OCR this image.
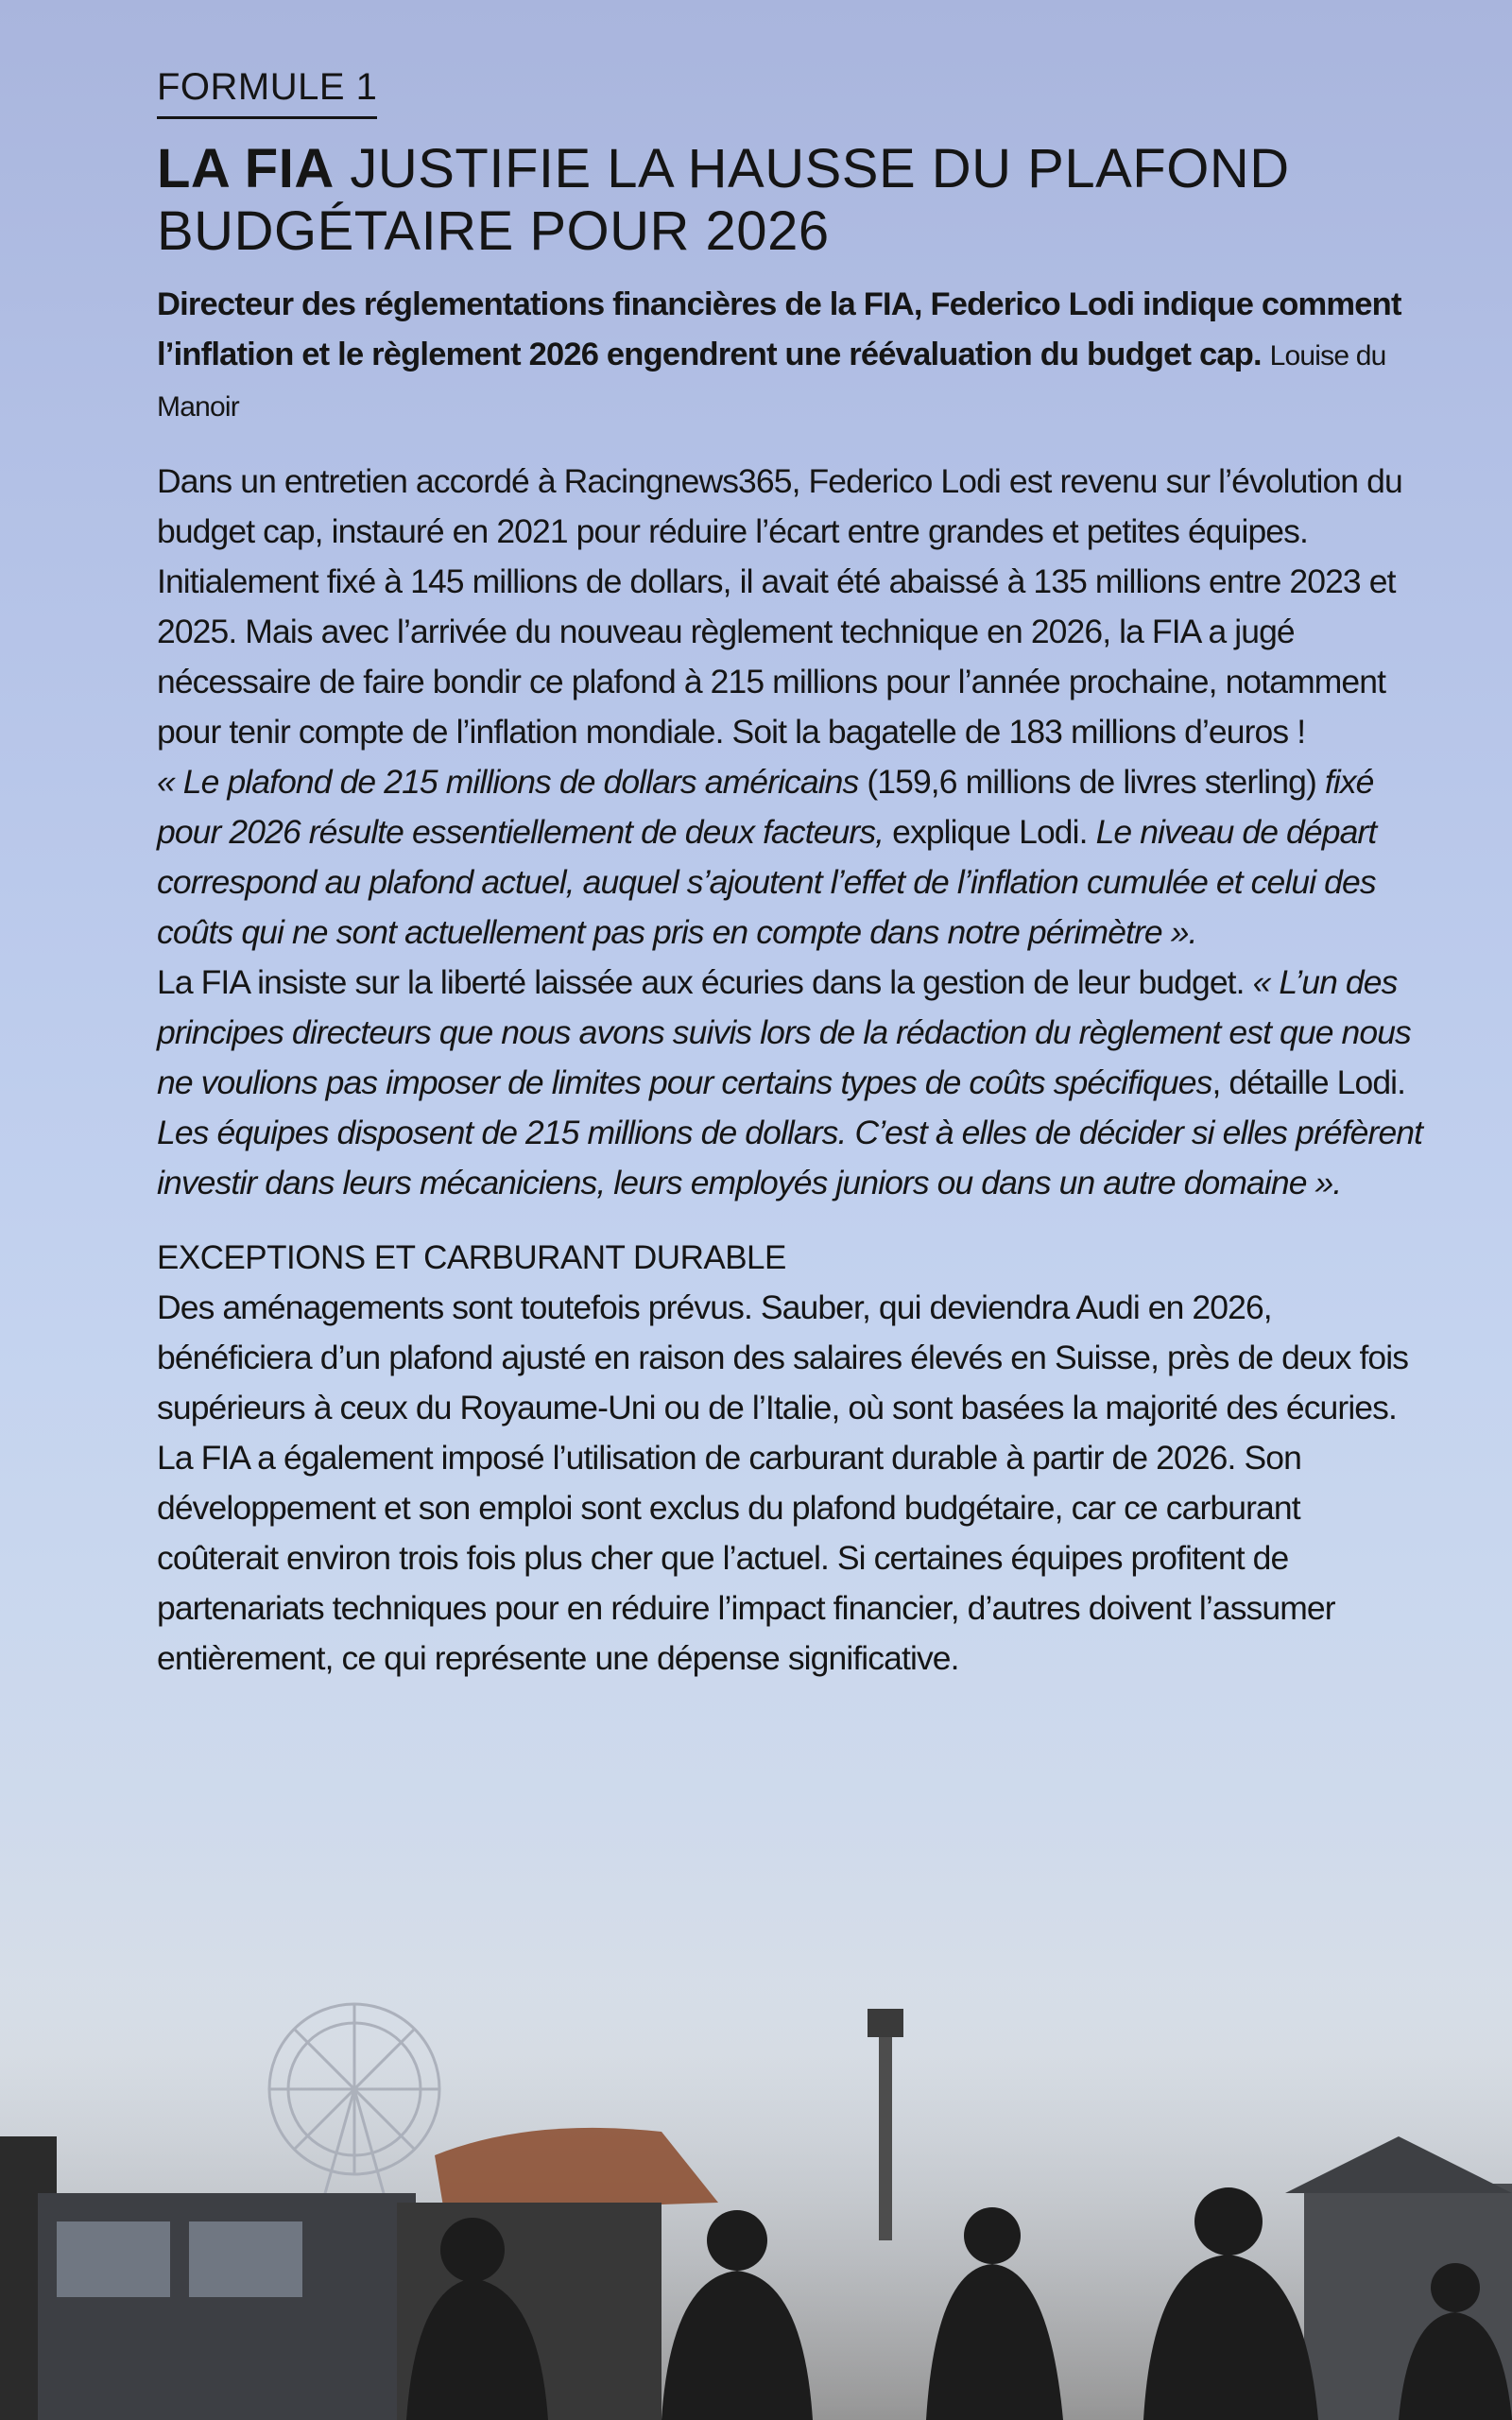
FORMULE 1

LA FIA JUSTIFIE LA HAUSSE DU PLAFOND BUDGÉTAIRE POUR 2026

Directeur des réglementations financières de la FIA, Federico Lodi indique comment l’inflation et le règlement 2026 engendrent une réévaluation du budget cap. Louise du Manoir

Dans un entretien accordé à Racingnews365, Federico Lodi est revenu sur l’évolution du budget cap, instauré en 2021 pour réduire l’écart entre grandes et petites équipes. Initialement fixé à 145 millions de dollars, il avait été abaissé à 135 millions entre 2023 et 2025. Mais avec l’arrivée du nouveau règlement technique en 2026, la FIA a jugé nécessaire de faire bondir ce plafond à 215 millions pour l’année prochaine, notamment pour tenir compte de l’inflation mondiale. Soit la bagatelle de 183 millions d’euros !

« Le plafond de 215 millions de dollars américains (159,6 millions de livres sterling) fixé pour 2026 résulte essentiellement de deux facteurs, explique Lodi. Le niveau de départ correspond au plafond actuel, auquel s’ajoutent l’effet de l’inflation cumulée et celui des coûts qui ne sont actuellement pas pris en compte dans notre périmètre ».

La FIA insiste sur la liberté laissée aux écuries dans la gestion de leur budget. « L’un des principes directeurs que nous avons suivis lors de la rédaction du règlement est que nous ne voulions pas imposer de limites pour certains types de coûts spécifiques, détaille Lodi. Les équipes disposent de 215 millions de dollars. C’est à elles de décider si elles préfèrent investir dans leurs mécaniciens, leurs employés juniors ou dans un autre domaine ».

EXCEPTIONS ET CARBURANT DURABLE

Des aménagements sont toutefois prévus. Sauber, qui deviendra Audi en 2026, bénéficiera d’un plafond ajusté en raison des salaires élevés en Suisse, près de deux fois supérieurs à ceux du Royaume-Uni ou de l’Italie, où sont basées la majorité des écuries. La FIA a également imposé l’utilisation de carburant durable à partir de 2026. Son développement et son emploi sont exclus du plafond budgétaire, car ce carburant coûterait environ trois fois plus cher que l’actuel. Si certaines équipes profitent de partenariats techniques pour en réduire l’impact financier, d’autres doivent l’assumer entièrement, ce qui représente une dépense significative.
